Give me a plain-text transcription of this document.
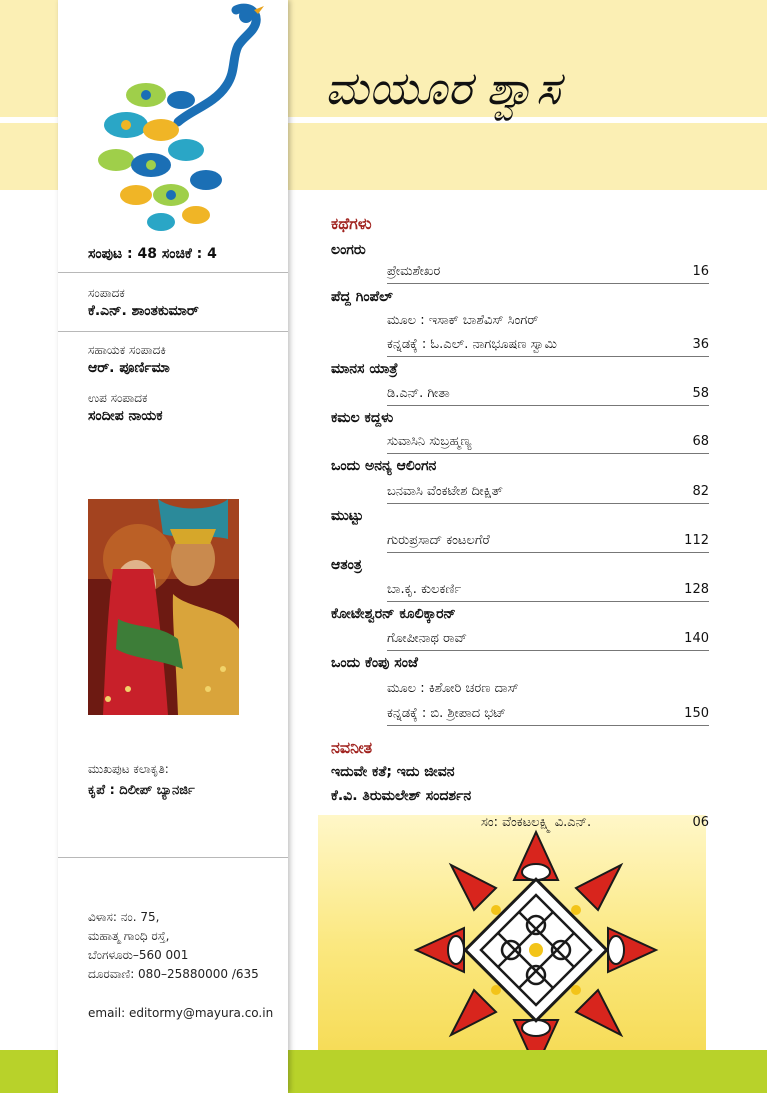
ಮಯೂರ ಶ್ವಾಸ
ಸಂಪುಟ : 48 ಸಂಚಿಕೆ : 4
ಸಂಪಾದಕ
ಕೆ.ಎನ್. ಶಾಂತಕುಮಾರ್
ಸಹಾಯಕ ಸಂಪಾದಕಿ
ಆರ್. ಪೂರ್ಣಿಮಾ
ಉಪ ಸಂಪಾದಕ
ಸಂದೀಪ ನಾಯಕ
ಮುಖಪುಟ ಕಲಾಕೃತಿ:
ಕೃಪೆ : ದಿಲೀಪ್ ಬ್ಯಾನರ್ಜಿ
ವಿಳಾಸ: ನಂ. 75,
ಮಹಾತ್ಮ ಗಾಂಧಿ ರಸ್ತೆ,
ಬೆಂಗಳೂರು–560 001
ದೂರವಾಣಿ: 080–25880000 /635
email: editormy@mayura.co.in
ಕಥೆಗಳು
ಲಂಗರು
ಪ್ರೇಮಶೇಖರ	16
ಪೆದ್ದ ಗಿಂಪೆಲ್
ಮೂಲ : ಇಸಾಕ್ ಬಾಶೆವಿಸ್ ಸಿಂಗರ್
ಕನ್ನಡಕ್ಕೆ : ಓ.ಎಲ್. ನಾಗಭೂಷಣ ಸ್ವಾಮಿ	36
ಮಾನಸ ಯಾತ್ರೆ
ಡಿ.ಎನ್. ಗೀತಾ	58
ಕಮಲ ಕದ್ದಳು
ಸುವಾಸಿನಿ ಸುಬ್ರಹ್ಮಣ್ಯ	68
ಒಂದು ಅನನ್ಯ ಆಲಿಂಗನ
ಬನವಾಸಿ ವೆಂಕಟೇಶ ದೀಕ್ಷಿತ್	82
ಮುಟ್ಟು
ಗುರುಪ್ರಸಾದ್ ಕಂಟಲಗೆರೆ	112
ಆತಂತ್ರ
ಬಾ.ಕೃ. ಕುಲಕರ್ಣಿ	128
ಕೋಟೇಶ್ವರನ್ ಕೂಲಿಕ್ಕಾರನ್
ಗೋಪೀನಾಥ ರಾವ್	140
ಒಂದು ಕೆಂಪು ಸಂಜೆ
ಮೂಲ : ಕಿಶೋರಿ ಚರಣ ದಾಸ್
ಕನ್ನಡಕ್ಕೆ : ಬಿ. ಶ್ರೀಪಾದ ಭಟ್	150
ನವನೀತ
ಇದುವೇ ಕತೆ; ಇದು ಜೀವನ
ಕೆ.ವಿ. ತಿರುಮಲೇಶ್ ಸಂದರ್ಶನ
ಸಂ: ವೆಂಕಟಲಕ್ಷ್ಮಿ ವಿ.ಎನ್.	06
